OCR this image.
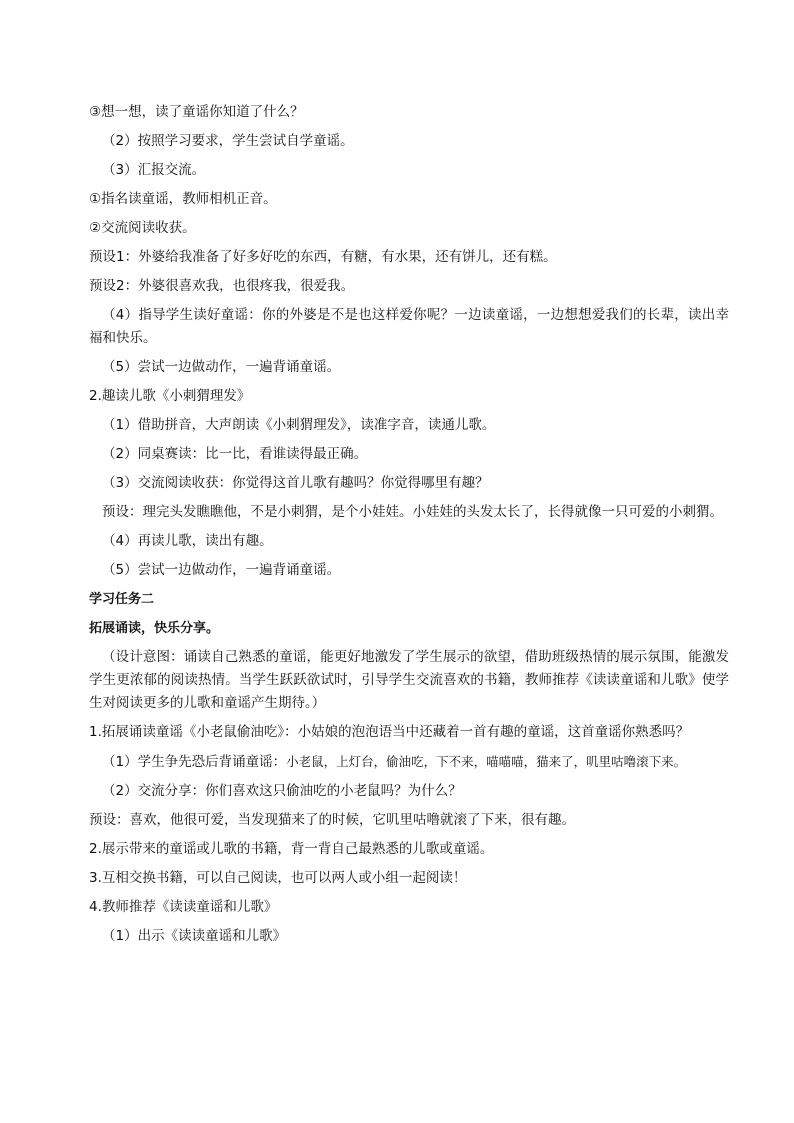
③想一想，读了童谣你知道了什么？

（2）按照学习要求，学生尝试自学童谣。

（3）汇报交流。

①指名读童谣，教师相机正音。

②交流阅读收获。

预设1：外婆给我准备了好多好吃的东西，有糖，有水果，还有饼儿，还有糕。

预设2：外婆很喜欢我，也很疼我，很爱我。

（4）指导学生读好童谣：你的外婆是不是也这样爱你呢？一边读童谣，一边想想爱我们的长辈，读出幸福和快乐。

（5）尝试一边做动作，一遍背诵童谣。

2.趣读儿歌《小刺猬理发》

（1）借助拼音，大声朗读《小刺猬理发》，读准字音，读通儿歌。

（2）同桌赛读：比一比，看谁读得最正确。

（3）交流阅读收获：你觉得这首儿歌有趣吗？你觉得哪里有趣？

预设：理完头发瞧瞧他，不是小刺猬，是个小娃娃。小娃娃的头发太长了，长得就像一只可爱的小刺猬。

（4）再读儿歌，读出有趣。

（5）尝试一边做动作，一遍背诵童谣。

学习任务二

拓展诵读，快乐分享。

（设计意图：诵读自己熟悉的童谣，能更好地激发了学生展示的欲望，借助班级热情的展示氛围，能激发学生更浓郁的阅读热情。当学生跃跃欲试时，引导学生交流喜欢的书籍，教师推荐《读读童谣和儿歌》使学生对阅读更多的儿歌和童谣产生期待。）

1.拓展诵读童谣《小老鼠偷油吃》：小姑娘的泡泡语当中还藏着一首有趣的童谣，这首童谣你熟悉吗？

（1）学生争先恐后背诵童谣：小老鼠，上灯台，偷油吃，下不来，喵喵喵，猫来了，叽里咕噜滚下来。

（2）交流分享：你们喜欢这只偷油吃的小老鼠吗？为什么？

预设：喜欢，他很可爱，当发现猫来了的时候，它叽里咕噜就滚了下来，很有趣。

2.展示带来的童谣或儿歌的书籍，背一背自己最熟悉的儿歌或童谣。

3.互相交换书籍，可以自己阅读，也可以两人或小组一起阅读！

4.教师推荐《读读童谣和儿歌》

（1）出示《读读童谣和儿歌》
